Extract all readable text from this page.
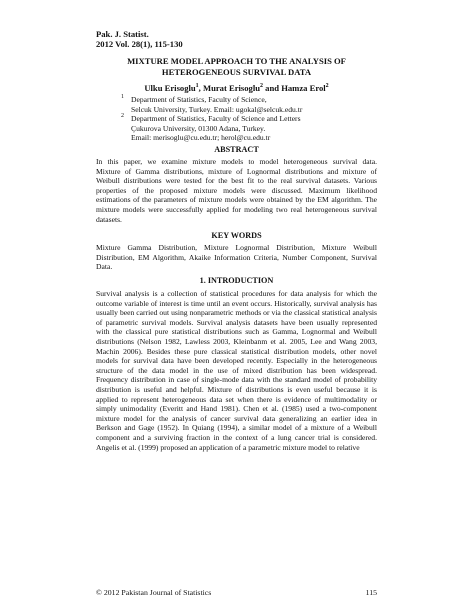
Pak. J. Statist.
2012 Vol. 28(1), 115-130
MIXTURE MODEL APPROACH TO THE ANALYSIS OF
HETEROGENEOUS SURVIVAL DATA
Ulku Erisoglu$^1$, Murat Erisoglu$^2$ and Hamza Erol$^2$
1 Department of Statistics, Faculty of Science,
Selcuk University, Turkey. Email: ugokal@selcuk.edu.tr
2 Department of Statistics, Faculty of Science and Letters
Çukurova University, 01300 Adana, Turkey.
Email: merisoglu@cu.edu.tr; herol@cu.edu.tr
ABSTRACT
In this paper, we examine mixture models to model heterogeneous survival data.
Mixture of Gamma distributions, mixture of Lognormal distributions and mixture of
Weibull distributions were tested for the best fit to the real survival datasets. Various
properties of the proposed mixture models were discussed. Maximum likelihood
estimations of the parameters of mixture models were obtained by the EM algorithm. The
mixture models were successfully applied for modeling two real heterogeneous survival
datasets.
KEY WORDS
Mixture Gamma Distribution, Mixture Lognormal Distribution, Mixture Weibull
Distribution, EM Algorithm, Akaike Information Criteria, Number Component, Survival
Data.
1. INTRODUCTION
Survival analysis is a collection of statistical procedures for data analysis for which the
outcome variable of interest is time until an event occurs. Historically, survival analysis has
usually been carried out using nonparametric methods or via the classical statistical analysis
of parametric survival models. Survival analysis datasets have been usually represented
with the classical pure statistical distributions such as Gamma, Lognormal and Weibull
distributions (Nelson 1982, Lawless 2003, Kleinbanm et al. 2005, Lee and Wang 2003,
Machin 2006). Besides these pure classical statistical distribution models, other novel
models for survival data have been developed recently. Especially in the heterogeneous
structure of the data model in the use of mixed distribution has been widespread.
Frequency distribution in case of single-mode data with the standard model of probability
distribution is useful and helpful. Mixture of distributions is even useful because it is
applied to represent heterogeneous data set when there is evidence of multimodality or
simply unimodality (Everitt and Hand 1981). Chen et al. (1985) used a two-component
mixture model for the analysis of cancer survival data generalizing an earlier idea in
Berkson and Gage (1952). In Quiang (1994), a similar model of a mixture of a Weibull
component and a surviving fraction in the context of a lung cancer trial is considered.
Angelis et al. (1999) proposed an application of a parametric mixture model to relative
© 2012 Pakistan Journal of Statistics	115
